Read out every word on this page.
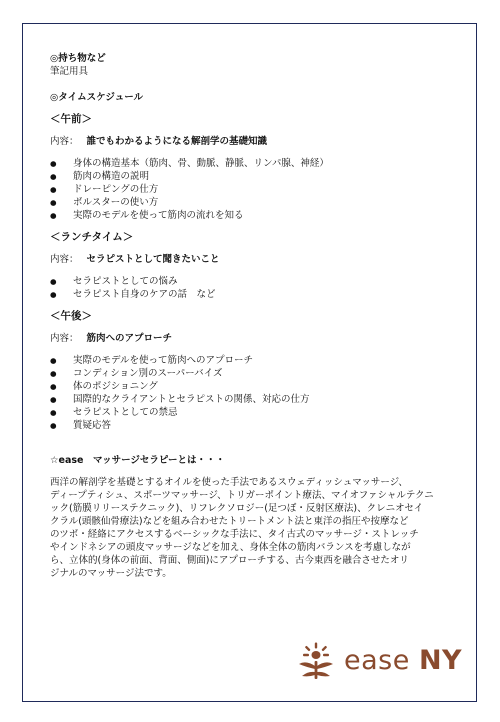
◎持ち物など
筆記用具
◎タイムスケジュール
＜午前＞
内容： 誰でもわかるようになる解剖学の基礎知識
● 身体の構造基本（筋肉、骨、動脈、静脈、リンパ腺、神経）
● 筋肉の構造の説明
● ドレーピングの仕方
● ボルスターの使い方
● 実際のモデルを使って筋肉の流れを知る
＜ランチタイム＞
内容： セラピストとして聞きたいこと
● セラピストとしての悩み
● セラピスト自身のケアの話　など
＜午後＞
内容： 筋肉へのアプローチ
● 実際のモデルを使って筋肉へのアプローチ
● コンディション別のスーパーバイズ
● 体のポジショニング
● 国際的なクライアントとセラピストの関係、対応の仕方
● セラピストとしての禁忌
● 質疑応答
☆ease　マッサージセラピーとは・・・
西洋の解剖学を基礎とするオイルを使った手法であるスウェディッシュマッサージ、
ディープティシュ、スポーツマッサージ、トリガーポイント療法、マイオファシャルテクニ
ック(筋膜リリーステクニック)、リフレクソロジー(足つぼ・反射区療法)、クレニオセイ
クラル(頭骸仙骨療法)などを組み合わせたトリートメント法と東洋の指圧や按摩など
のツボ・経絡にアクセスするベーシックな手法に、タイ古式のマッサージ・ストレッチ
やインドネシアの頭皮マッサージなどを加え、身体全体の筋肉バランスを考慮しなが
ら、立体的(身体の前面、背面、側面)にアプローチする、古今東西を融合させたオリ
ジナルのマッサージ法です。
ease NY
